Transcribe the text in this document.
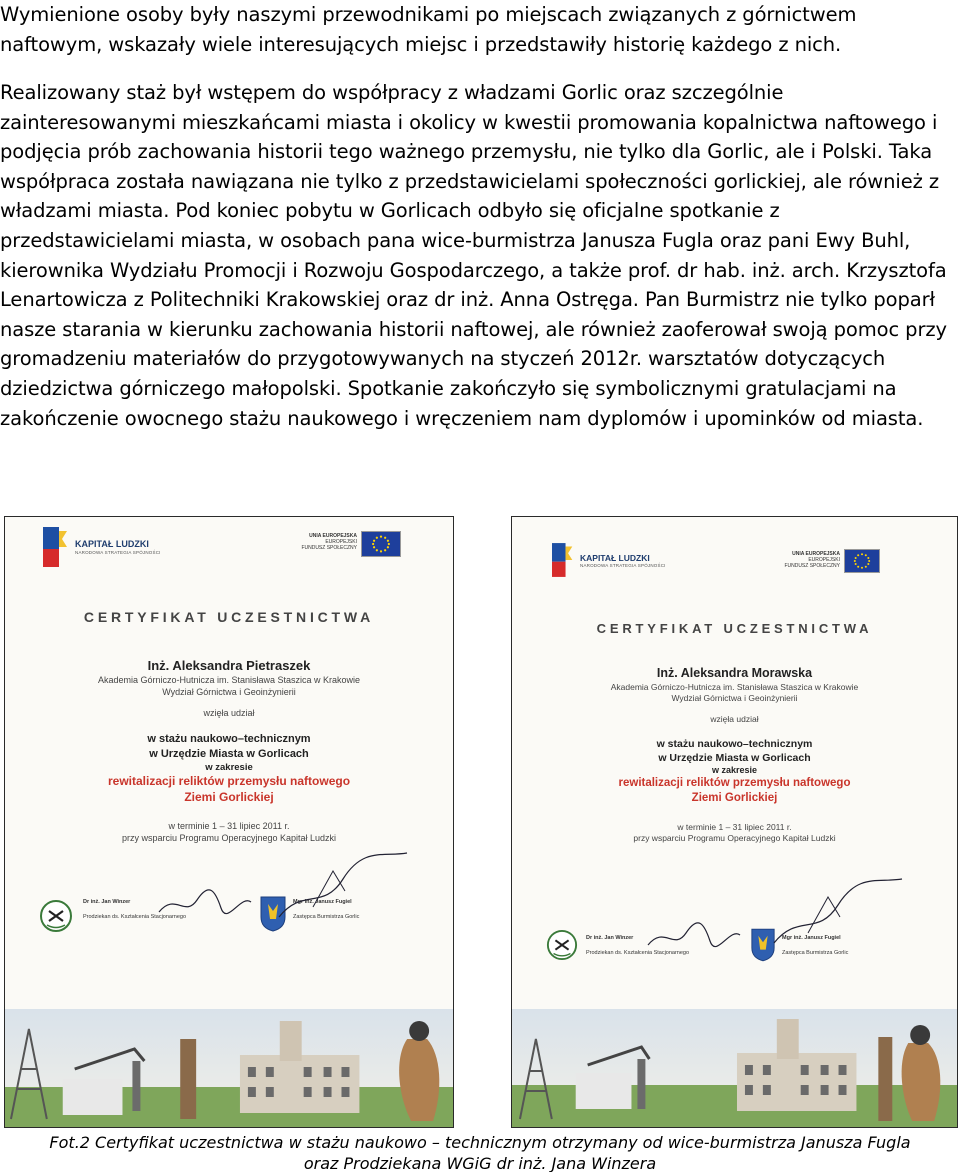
Wymienione osoby były naszymi przewodnikami po miejscach związanych z górnictwem naftowym, wskazały wiele interesujących miejsc i przedstawiły historię każdego z nich.
Realizowany staż był wstępem do współpracy z władzami Gorlic oraz szczególnie zainteresowanymi mieszkańcami miasta i okolicy w kwestii promowania kopalnictwa naftowego i podjęcia prób zachowania historii tego ważnego przemysłu, nie tylko dla Gorlic, ale i Polski. Taka współpraca została nawiązana nie tylko z przedstawicielami społeczności gorlickiej, ale również z władzami miasta. Pod koniec pobytu w Gorlicach odbyło się oficjalne spotkanie z przedstawicielami miasta, w osobach pana wice-burmistrza Janusza Fugla oraz pani Ewy Buhl, kierownika Wydziału Promocji i Rozwoju Gospodarczego, a także prof. dr hab. inż. arch. Krzysztofa Lenartowicza z Politechniki Krakowskiej oraz dr inż. Anna Ostręga. Pan Burmistrz nie tylko poparł nasze starania w kierunku zachowania historii naftowej, ale również zaoferował swoją pomoc przy gromadzeniu materiałów do przygotowywanych na styczeń 2012r. warsztatów dotyczących dziedzictwa górniczego małopolski. Spotkanie zakończyło się symbolicznymi gratulacjami na zakończenie owocnego stażu naukowego i wręczeniem nam dyplomów i upominków od miasta.
KAPITAŁ LUDZKI
NARODOWA STRATEGIA SPÓJNOŚCI
UNIA EUROPEJSKA
EUROPEJSKI
FUNDUSZ SPOŁECZNY
CERTYFIKAT UCZESTNICTWA
Inż. Aleksandra Pietraszek
Akademia Górniczo-Hutnicza im. Stanisława Staszica w Krakowie
Wydział Górnictwa i Geoinżynierii
wzięła udział
w stażu naukowo–technicznym
w Urzędzie Miasta w Gorlicach
w zakresie
rewitalizacji reliktów przemysłu naftowego
Ziemi Gorlickiej
w terminie 1 – 31 lipiec 2011 r.
przy wsparciu Programu Operacyjnego Kapitał Ludzki
Dr inż. Jan Winzer
Prodziekan ds. Kształcenia Stacjonarnego
Mgr inż. Janusz Fugiel
Zastępca Burmistrza Gorlic
KAPITAŁ LUDZKI
NARODOWA STRATEGIA SPÓJNOŚCI
UNIA EUROPEJSKA
EUROPEJSKI
FUNDUSZ SPOŁECZNY
CERTYFIKAT UCZESTNICTWA
Inż. Aleksandra Morawska
Akademia Górniczo-Hutnicza im. Stanisława Staszica w Krakowie
Wydział Górnictwa i Geoinżynierii
wzięła udział
w stażu naukowo–technicznym
w Urzędzie Miasta w Gorlicach
w zakresie
rewitalizacji reliktów przemysłu naftowego
Ziemi Gorlickiej
w terminie 1 – 31 lipiec 2011 r.
przy wsparciu Programu Operacyjnego Kapitał Ludzki
Dr inż. Jan Winzer
Prodziekan ds. Kształcenia Stacjonarnego
Mgr inż. Janusz Fugiel
Zastępca Burmistrza Gorlic
Fot.2 Certyfikat uczestnictwa w stażu naukowo – technicznym otrzymany od wice-burmistrza Janusza Fugla
oraz Prodziekana WGiG dr inż. Jana Winzera
